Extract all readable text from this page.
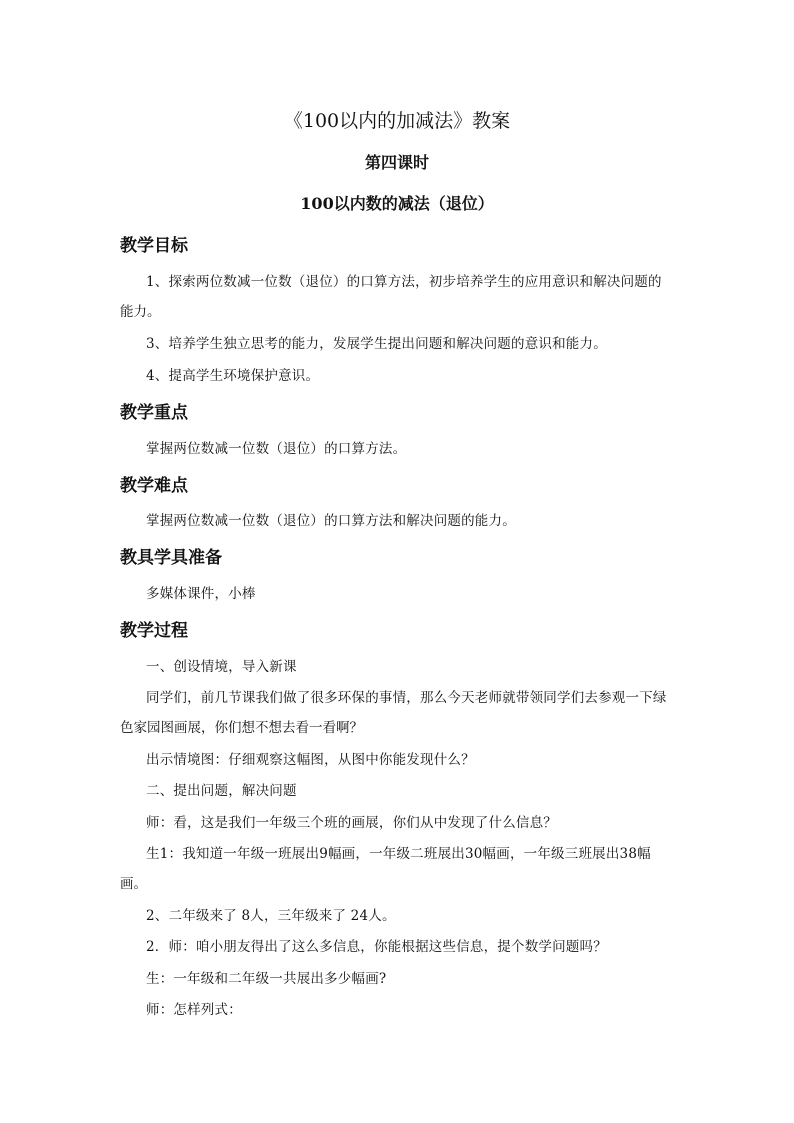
《100以内的加减法》教案
第四课时
100以内数的减法（退位）
教学目标
1、探索两位数减一位数（退位）的口算方法，初步培养学生的应用意识和解决问题的
能力。
3、培养学生独立思考的能力，发展学生提出问题和解决问题的意识和能力。
4、提高学生环境保护意识。
教学重点
掌握两位数减一位数（退位）的口算方法。
教学难点
掌握两位数减一位数（退位）的口算方法和解决问题的能力。
教具学具准备
多媒体课件，小棒
教学过程
一、创设情境，导入新课
同学们，前几节课我们做了很多环保的事情，那么今天老师就带领同学们去参观一下绿
色家园图画展，你们想不想去看一看啊？
出示情境图：仔细观察这幅图，从图中你能发现什么？
二、提出问题，解决问题
师：看，这是我们一年级三个班的画展，你们从中发现了什么信息？
生1：我知道一年级一班展出9幅画，一年级二班展出30幅画，一年级三班展出38幅
画。
2、二年级来了 8人，三年级来了 24人。
2．师：咱小朋友得出了这么多信息，你能根据这些信息，提个数学问题吗？
生：一年级和二年级一共展出多少幅画?
师：怎样列式：
